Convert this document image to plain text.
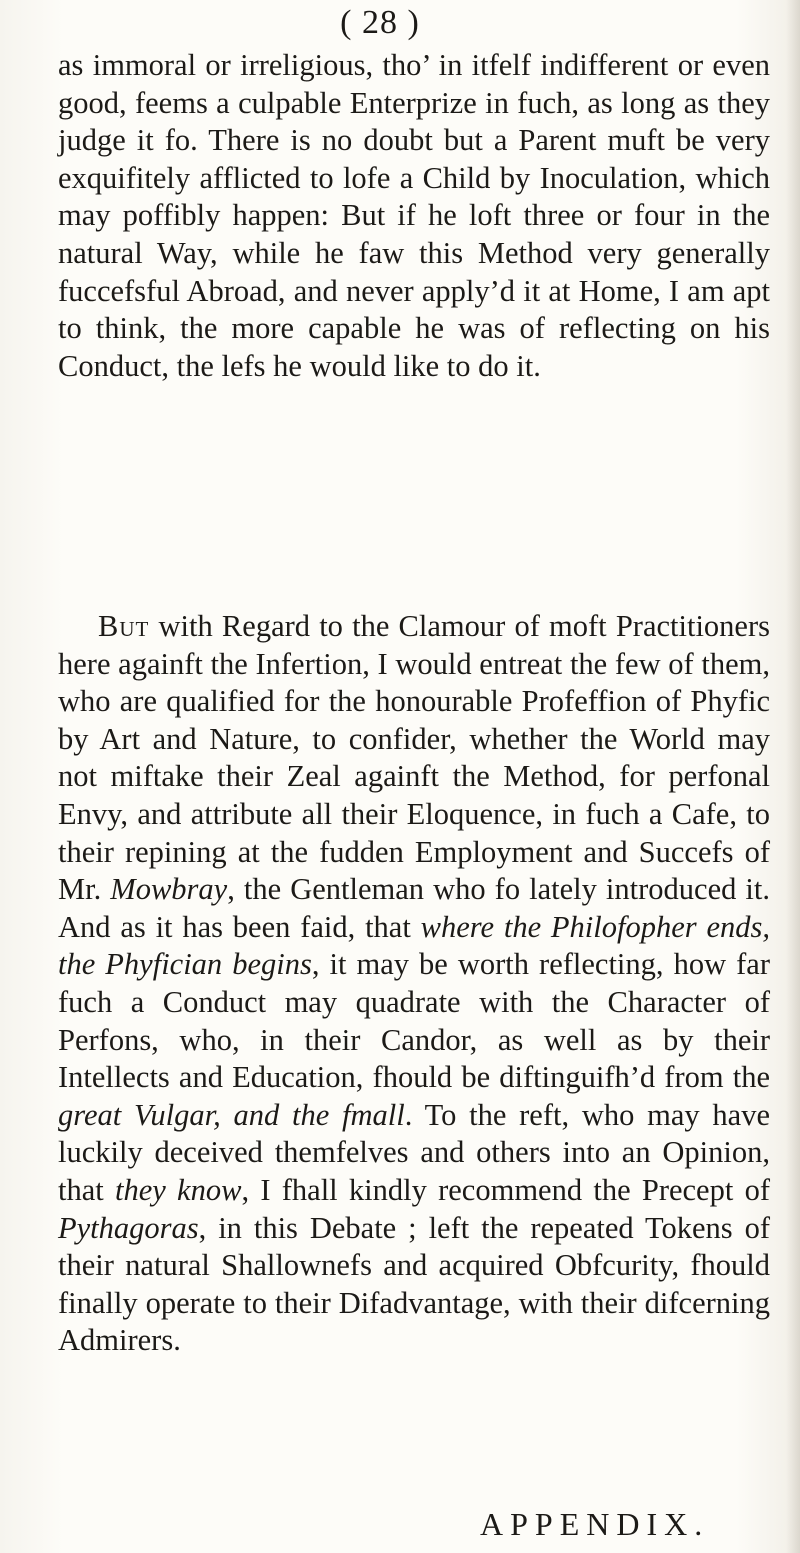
( 28 )

as immoral or irreligious, tho’ in itfelf indifferent or even good, feems a culpable Enterprize in fuch, as long as they judge it fo. There is no doubt but a Parent muft be very exquifitely afflicted to lofe a Child by Inoculation, which may poffibly happen: But if he loft three or four in the natural Way, while he faw this Method very generally fuccefsful Abroad, and never apply’d it at Home, I am apt to think, the more capable he was of reflecting on his Conduct, the lefs he would like to do it.

But with Regard to the Clamour of moft Practitioners here againft the Infertion, I would entreat the few of them, who are qualified for the honourable Profeffion of Phyfic by Art and Nature, to confider, whether the World may not miftake their Zeal againft the Method, for perfonal Envy, and attribute all their Eloquence, in fuch a Cafe, to their repining at the fudden Employment and Succefs of Mr. Mowbray, the Gentleman who fo lately introduced it. And as it has been faid, that where the Philofopher ends, the Phyfician begins, it may be worth reflecting, how far fuch a Conduct may quadrate with the Character of Perfons, who, in their Candor, as well as by their Intellects and Education, fhould be diftinguifh’d from the great Vulgar, and the fmall. To the reft, who may have luckily deceived themfelves and others into an Opinion, that they know, I fhall kindly recommend the Precept of Pythagoras, in this Debate ; left the repeated Tokens of their natural Shallownefs and acquired Obfcurity, fhould finally operate to their Difadvantage, with their difcerning Admirers.

APPENDIX.
